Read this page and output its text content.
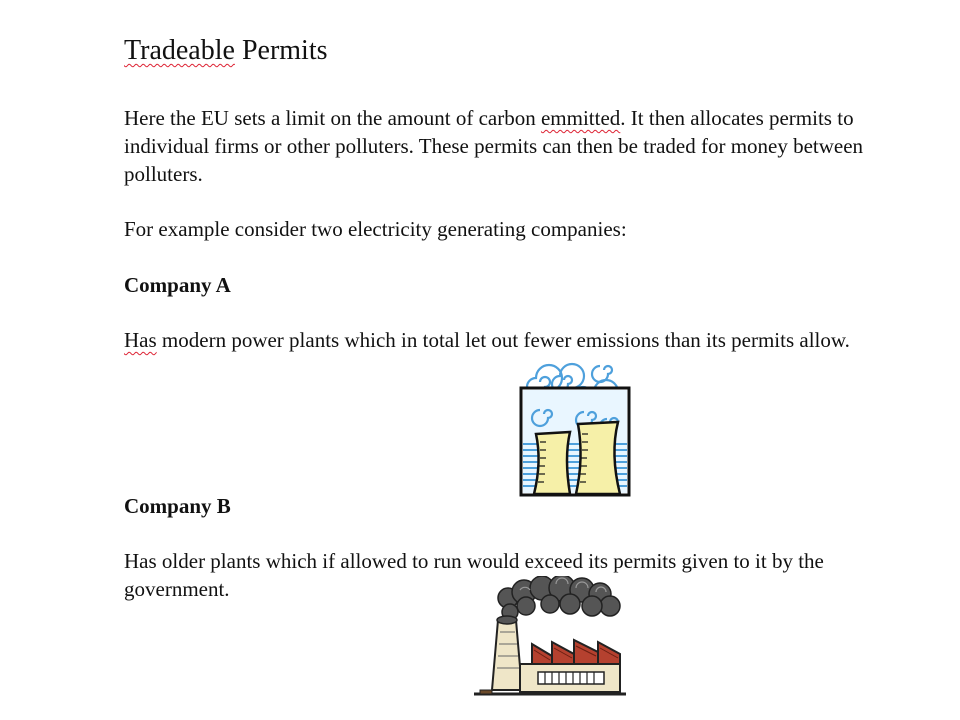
Tradeable Permits

Here the EU sets a limit on the amount of carbon emmitted. It then allocates permits to individual firms or other polluters. These permits can then be traded for money between polluters.

For example consider two electricity generating companies:

Company A

Has modern power plants which in total let out fewer emissions than its permits allow.

Company B

Has older plants which if allowed to run would exceed its permits given to it by the government.
